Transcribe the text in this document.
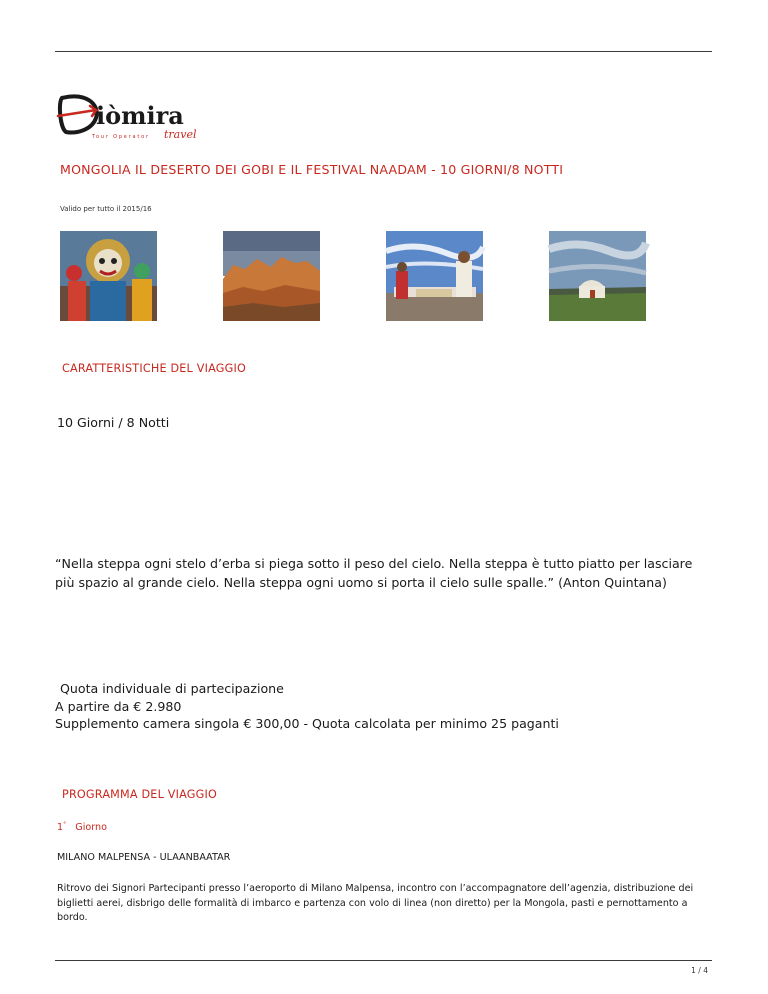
iòmira
travel
Tour Operator
MONGOLIA IL DESERTO DEI GOBI E IL FESTIVAL NAADAM - 10 GIORNI/8 NOTTI
Valido per tutto il 2015/16
CARATTERISTICHE DEL VIAGGIO
10 Giorni / 8 Notti
“Nella steppa ogni stelo d’erba si piega sotto il peso del cielo. Nella steppa è tutto piatto per lasciare più spazio al grande cielo. Nella steppa ogni uomo si porta il cielo sulle spalle.” (Anton Quintana)
Quota individuale di partecipazione
A partire da € 2.980
Supplemento camera singola € 300,00 - Quota calcolata per minimo 25 paganti
PROGRAMMA DEL VIAGGIO
1° Giorno
MILANO MALPENSA - ULAANBAATAR
Ritrovo dei Signori Partecipanti presso l’aeroporto di Milano Malpensa, incontro con l’accompagnatore dell’agenzia, distribuzione dei biglietti aerei, disbrigo delle formalità di imbarco e partenza con volo di linea (non diretto) per la Mongola, pasti e pernottamento a bordo.
1 / 4
